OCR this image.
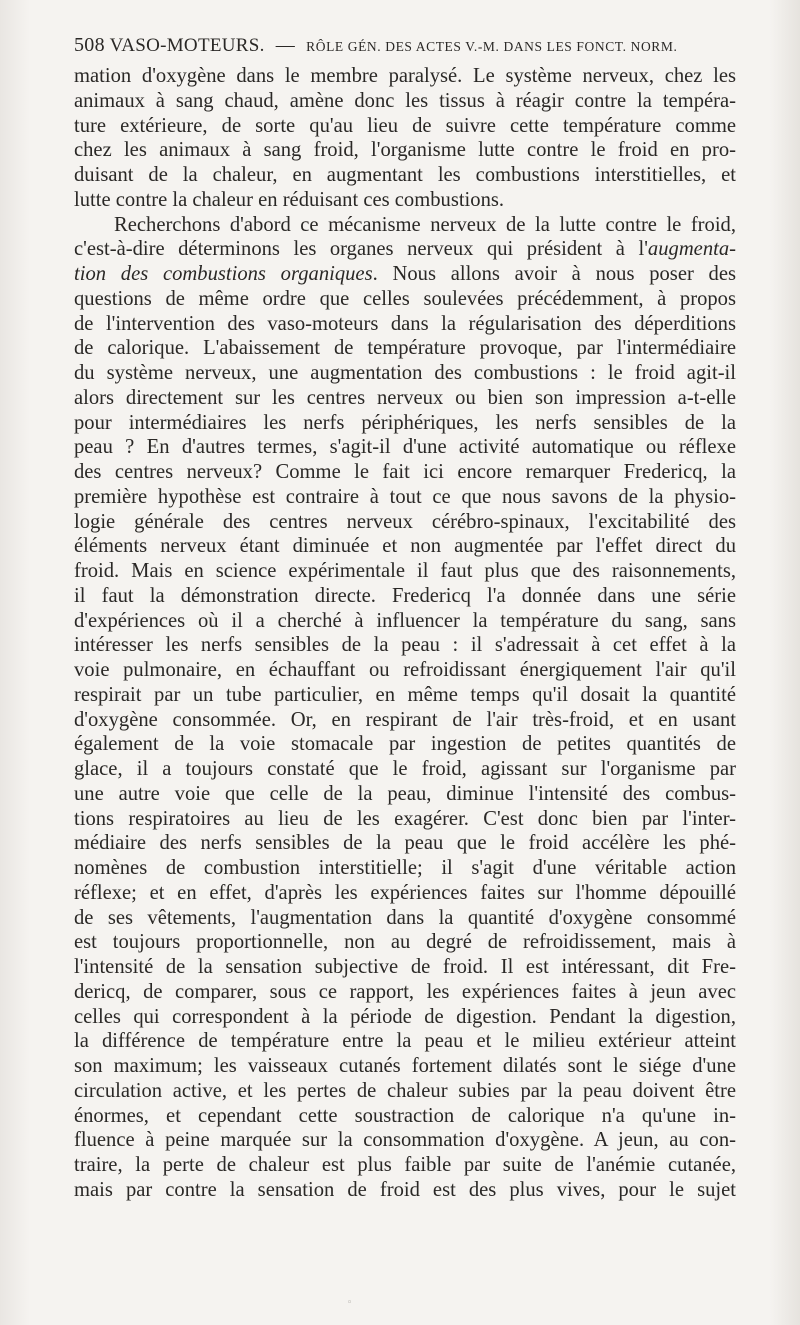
508 VASO-MOTEURS. — RÔLE GÉN. DES ACTES V.-M. DANS LES FONCT. NORM.
mation d'oxygène dans le membre paralysé. Le système nerveux, chez les
animaux à sang chaud, amène donc les tissus à réagir contre la tempéra-
ture extérieure, de sorte qu'au lieu de suivre cette température comme
chez les animaux à sang froid, l'organisme lutte contre le froid en pro-
duisant de la chaleur, en augmentant les combustions interstitielles, et
lutte contre la chaleur en réduisant ces combustions.
Recherchons d'abord ce mécanisme nerveux de la lutte contre le froid,
c'est-à-dire déterminons les organes nerveux qui président à l'augmenta-
tion des combustions organiques. Nous allons avoir à nous poser des
questions de même ordre que celles soulevées précédemment, à propos
de l'intervention des vaso-moteurs dans la régularisation des déperditions
de calorique. L'abaissement de température provoque, par l'intermédiaire
du système nerveux, une augmentation des combustions : le froid agit-il
alors directement sur les centres nerveux ou bien son impression a-t-elle
pour intermédiaires les nerfs périphériques, les nerfs sensibles de la
peau ? En d'autres termes, s'agit-il d'une activité automatique ou réflexe
des centres nerveux? Comme le fait ici encore remarquer Fredericq, la
première hypothèse est contraire à tout ce que nous savons de la physio-
logie générale des centres nerveux cérébro-spinaux, l'excitabilité des
éléments nerveux étant diminuée et non augmentée par l'effet direct du
froid. Mais en science expérimentale il faut plus que des raisonnements,
il faut la démonstration directe. Fredericq l'a donnée dans une série
d'expériences où il a cherché à influencer la température du sang, sans
intéresser les nerfs sensibles de la peau : il s'adressait à cet effet à la
voie pulmonaire, en échauffant ou refroidissant énergiquement l'air qu'il
respirait par un tube particulier, en même temps qu'il dosait la quantité
d'oxygène consommée. Or, en respirant de l'air très-froid, et en usant
également de la voie stomacale par ingestion de petites quantités de
glace, il a toujours constaté que le froid, agissant sur l'organisme par
une autre voie que celle de la peau, diminue l'intensité des combus-
tions respiratoires au lieu de les exagérer. C'est donc bien par l'inter-
médiaire des nerfs sensibles de la peau que le froid accélère les phé-
nomènes de combustion interstitielle; il s'agit d'une véritable action
réflexe; et en effet, d'après les expériences faites sur l'homme dépouillé
de ses vêtements, l'augmentation dans la quantité d'oxygène consommé
est toujours proportionnelle, non au degré de refroidissement, mais à
l'intensité de la sensation subjective de froid. Il est intéressant, dit Fre-
dericq, de comparer, sous ce rapport, les expériences faites à jeun avec
celles qui correspondent à la période de digestion. Pendant la digestion,
la différence de température entre la peau et le milieu extérieur atteint
son maximum; les vaisseaux cutanés fortement dilatés sont le siége d'une
circulation active, et les pertes de chaleur subies par la peau doivent être
énormes, et cependant cette soustraction de calorique n'a qu'une in-
fluence à peine marquée sur la consommation d'oxygène. A jeun, au con-
traire, la perte de chaleur est plus faible par suite de l'anémie cutanée,
mais par contre la sensation de froid est des plus vives, pour le sujet
◦
